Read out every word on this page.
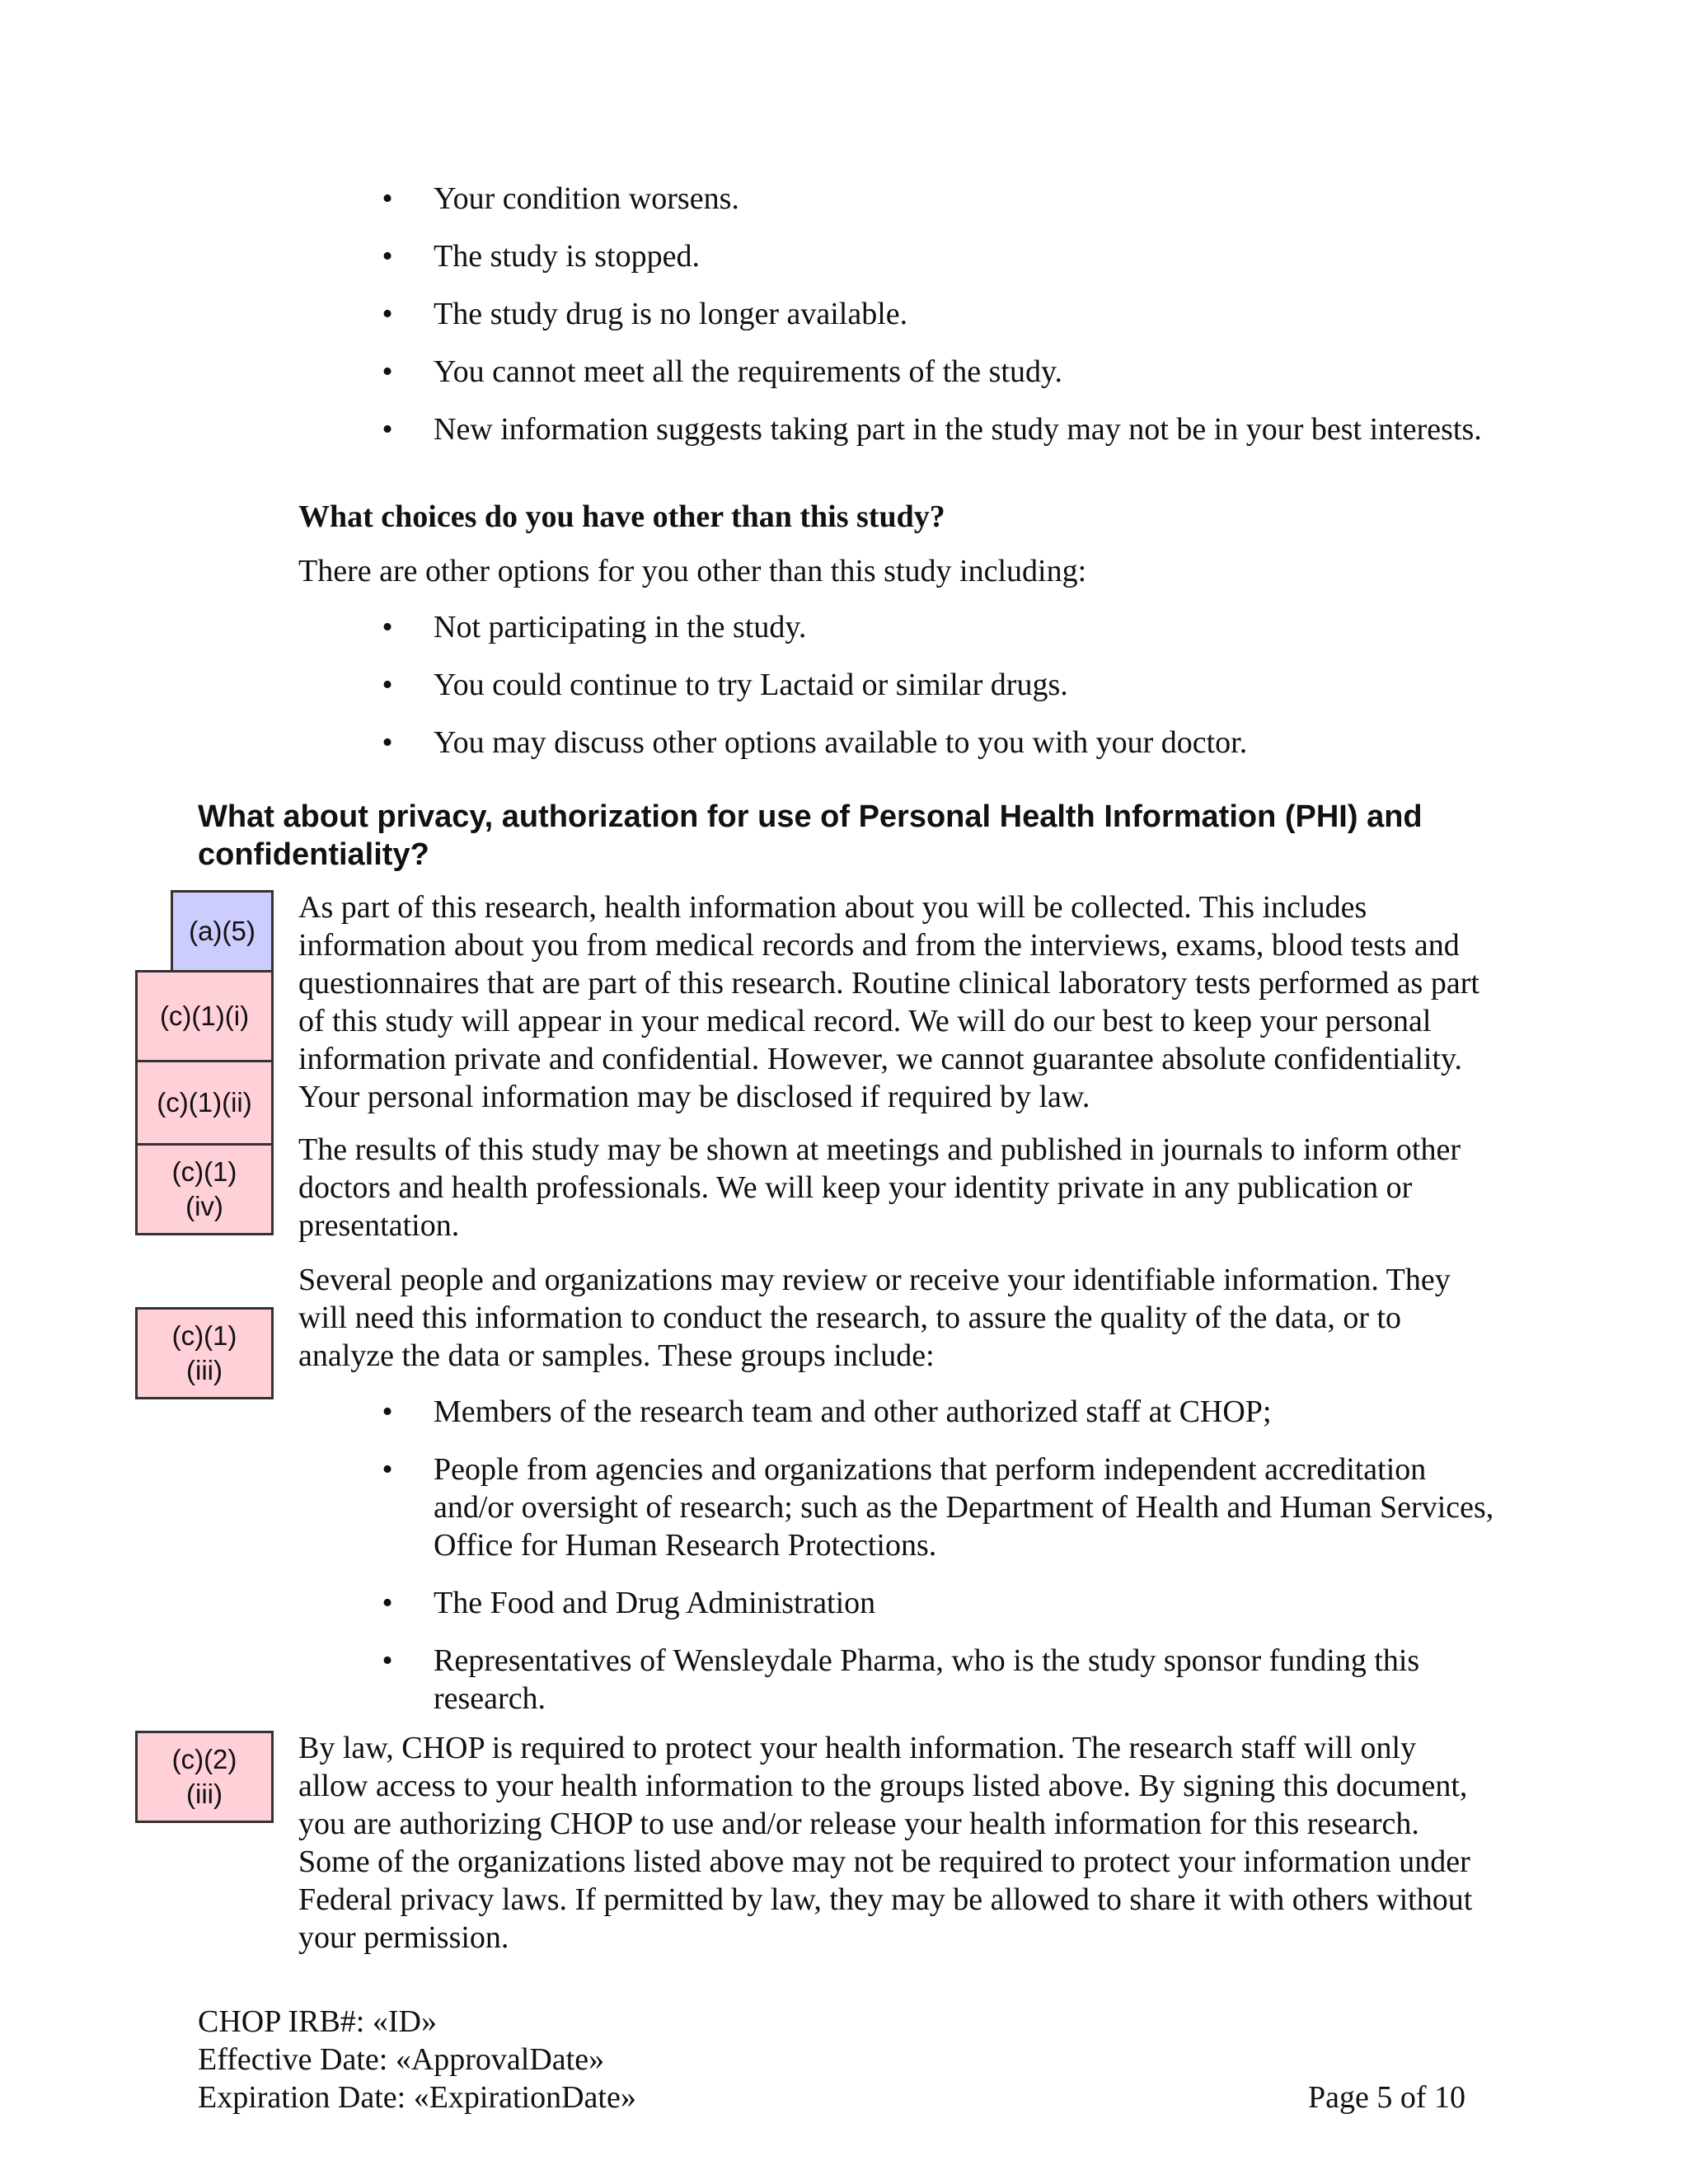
• Your condition worsens.
• The study is stopped.
• The study drug is no longer available.
• You cannot meet all the requirements of the study.
• New information suggests taking part in the study may not be in your best interests.

What choices do you have other than this study?

There are other options for you other than this study including:

• Not participating in the study.
• You could continue to try Lactaid or similar drugs.
• You may discuss other options available to you with your doctor.
What about privacy, authorization for use of Personal Health Information (PHI) and confidentiality?
(a)(5)
(c)(1)(i)
(c)(1)(ii)
(c)(1)
(iv)
(c)(1)
(iii)
(c)(2)
(iii)

As part of this research, health information about you will be collected. This includes information about you from medical records and from the interviews, exams, blood tests and questionnaires that are part of this research. Routine clinical laboratory tests performed as part of this study will appear in your medical record. We will do our best to keep your personal information private and confidential. However, we cannot guarantee absolute confidentiality. Your personal information may be disclosed if required by law.

The results of this study may be shown at meetings and published in journals to inform other doctors and health professionals. We will keep your identity private in any publication or presentation.

Several people and organizations may review or receive your identifiable information. They will need this information to conduct the research, to assure the quality of the data, or to analyze the data or samples. These groups include:

• Members of the research team and other authorized staff at CHOP;
• People from agencies and organizations that perform independent accreditation and/or oversight of research; such as the Department of Health and Human Services, Office for Human Research Protections.
• The Food and Drug Administration
• Representatives of Wensleydale Pharma, who is the study sponsor funding this research.

By law, CHOP is required to protect your health information. The research staff will only allow access to your health information to the groups listed above. By signing this document, you are authorizing CHOP to use and/or release your health information for this research. Some of the organizations listed above may not be required to protect your information under Federal privacy laws. If permitted by law, they may be allowed to share it with others without your permission.

CHOP IRB#: «ID»
Effective Date: «ApprovalDate»
Expiration Date: «ExpirationDate»	Page 5 of 10
